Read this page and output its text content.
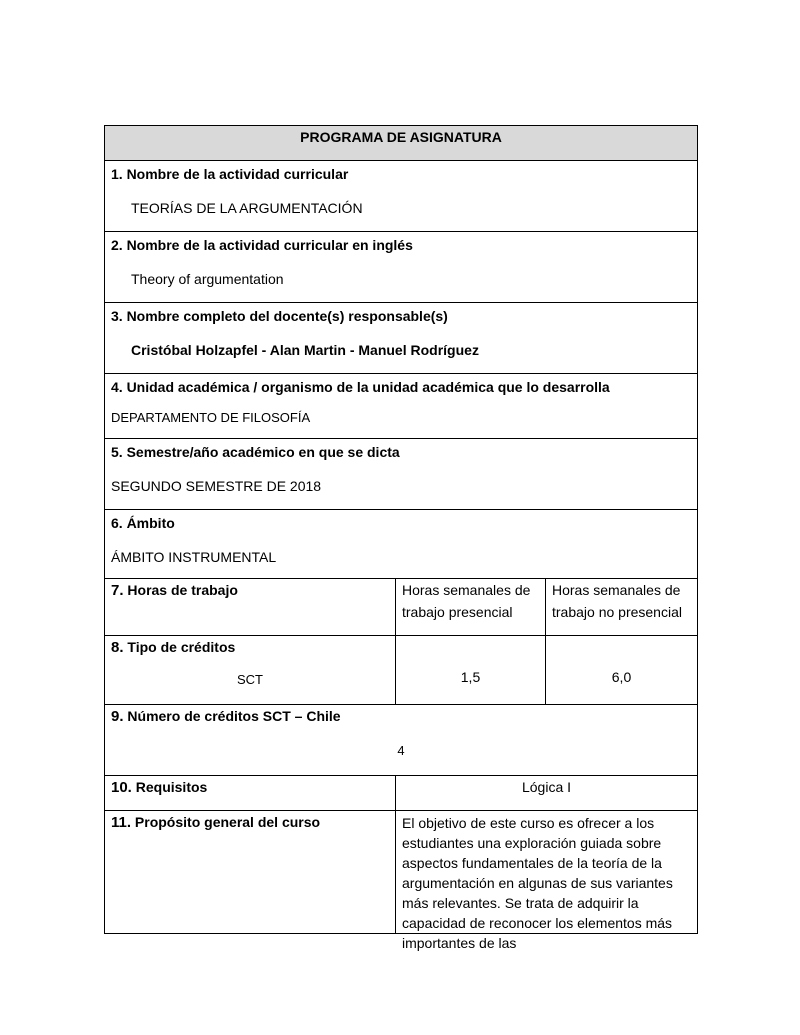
PROGRAMA DE ASIGNATURA		

1. Nombre de la actividad curricular
TEORÍAS DE LA ARGUMENTACIÓN		

2. Nombre de la actividad curricular en inglés
Theory of argumentation		

3. Nombre completo del docente(s) responsable(s)
Cristóbal Holzapfel - Alan Martin - Manuel Rodríguez		

4. Unidad académica / organismo de la unidad académica que lo desarrolla
DEPARTAMENTO DE FILOSOFÍA		

5. Semestre/año académico en que se dicta
SEGUNDO SEMESTRE DE 2018		

6. Ámbito
ÁMBITO INSTRUMENTAL		

7. Horas de trabajo	Horas semanales de trabajo presencial	Horas semanales de trabajo no presencial
8. Tipo de créditos
SCT	1,5	6,0
9. Número de créditos SCT – Chile
4		

10. Requisitos	Lógica I	
11. Propósito general del curso	El objetivo de este curso es ofrecer a los estudiantes una exploración guiada sobre aspectos fundamentales de la teoría de la argumentación en algunas de sus variantes más relevantes. Se trata de adquirir la capacidad de reconocer los elementos más importantes de las	
